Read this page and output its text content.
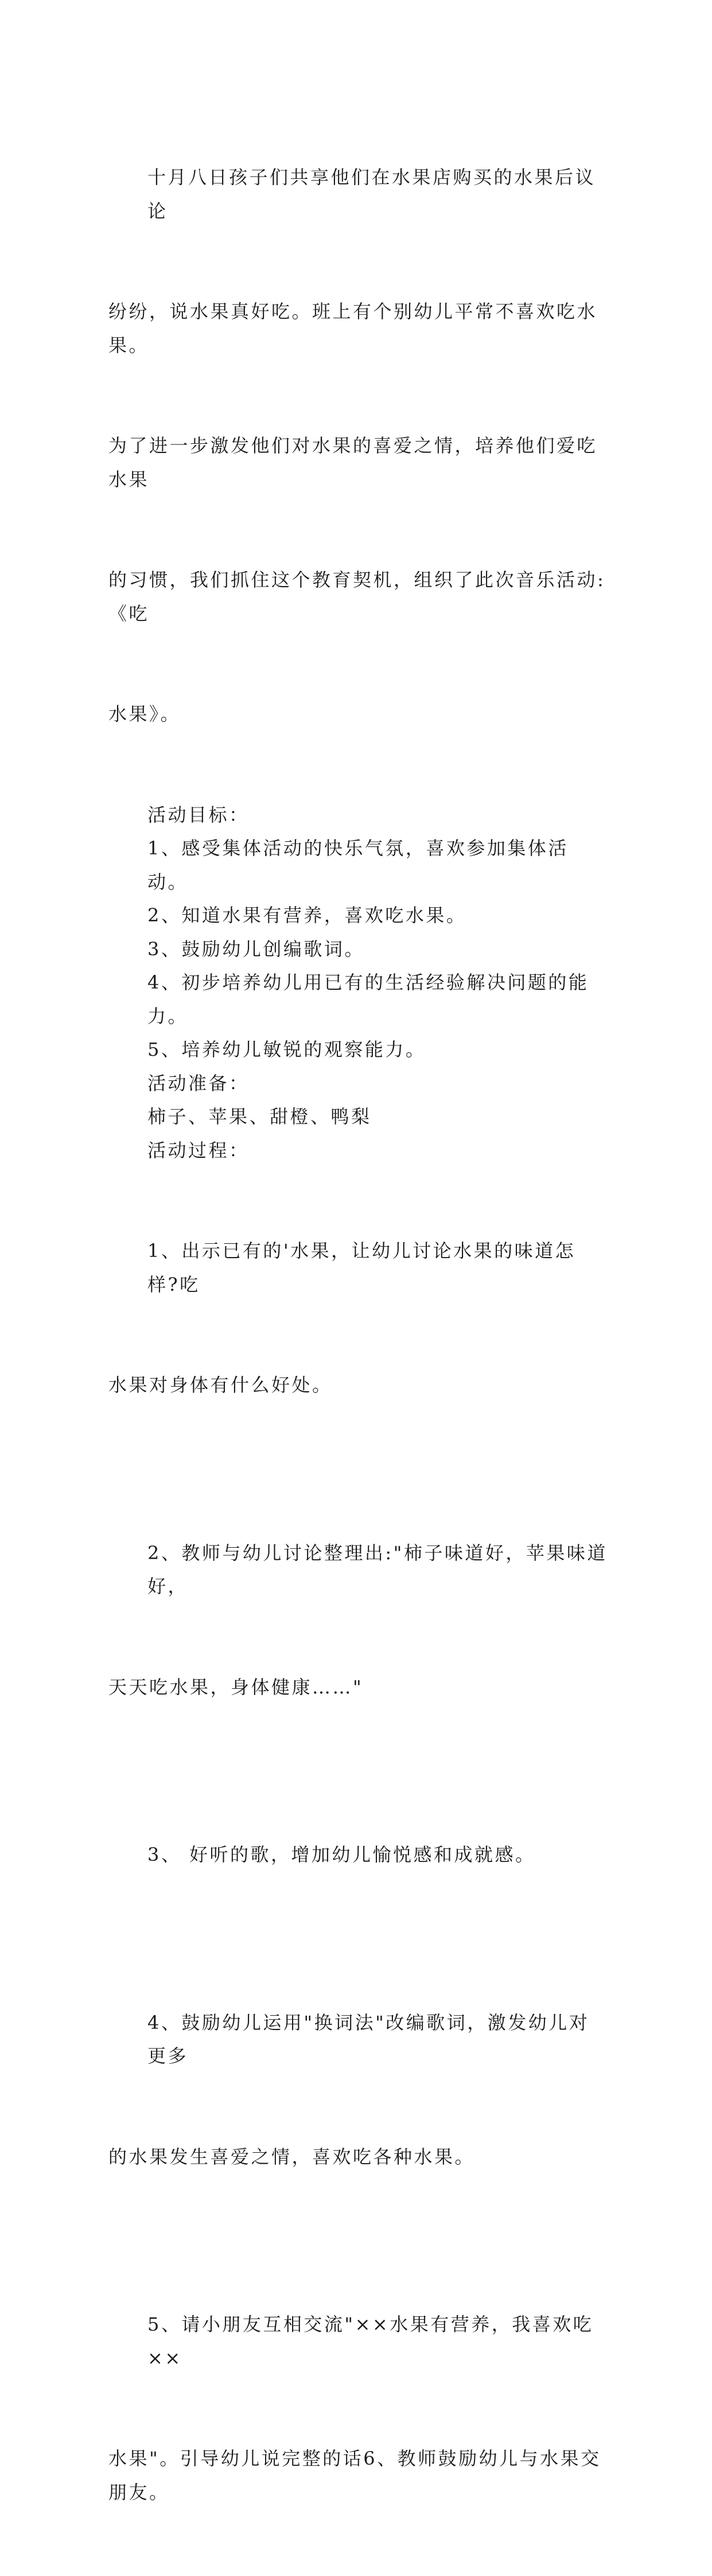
十月八日孩子们共享他们在水果店购买的水果后议论

纷纷，说水果真好吃。班上有个别幼儿平常不喜欢吃水果。

为了进一步激发他们对水果的喜爱之情，培养他们爱吃水果

的习惯，我们抓住这个教育契机，组织了此次音乐活动:《吃

水果》。

活动目标：
1、感受集体活动的快乐气氛，喜欢参加集体活动。
2、知道水果有营养，喜欢吃水果。
3、鼓励幼儿创编歌词。
4、初步培养幼儿用已有的生活经验解决问题的能力。
5、培养幼儿敏锐的观察能力。
活动准备：
柿子、苹果、甜橙、鸭梨
活动过程：

1、出示已有的'水果，让幼儿讨论水果的味道怎样?吃

水果对身体有什么好处。

2、教师与幼儿讨论整理出:"柿子味道好，苹果味道好，

天天吃水果，身体健康……"

3、 好听的歌，增加幼儿愉悦感和成就感。

4、鼓励幼儿运用"换词法"改编歌词，激发幼儿对更多

的水果发生喜爱之情，喜欢吃各种水果。

5、请小朋友互相交流"××水果有营养，我喜欢吃××

水果"。引导幼儿说完整的话6、教师鼓励幼儿与水果交朋友。
